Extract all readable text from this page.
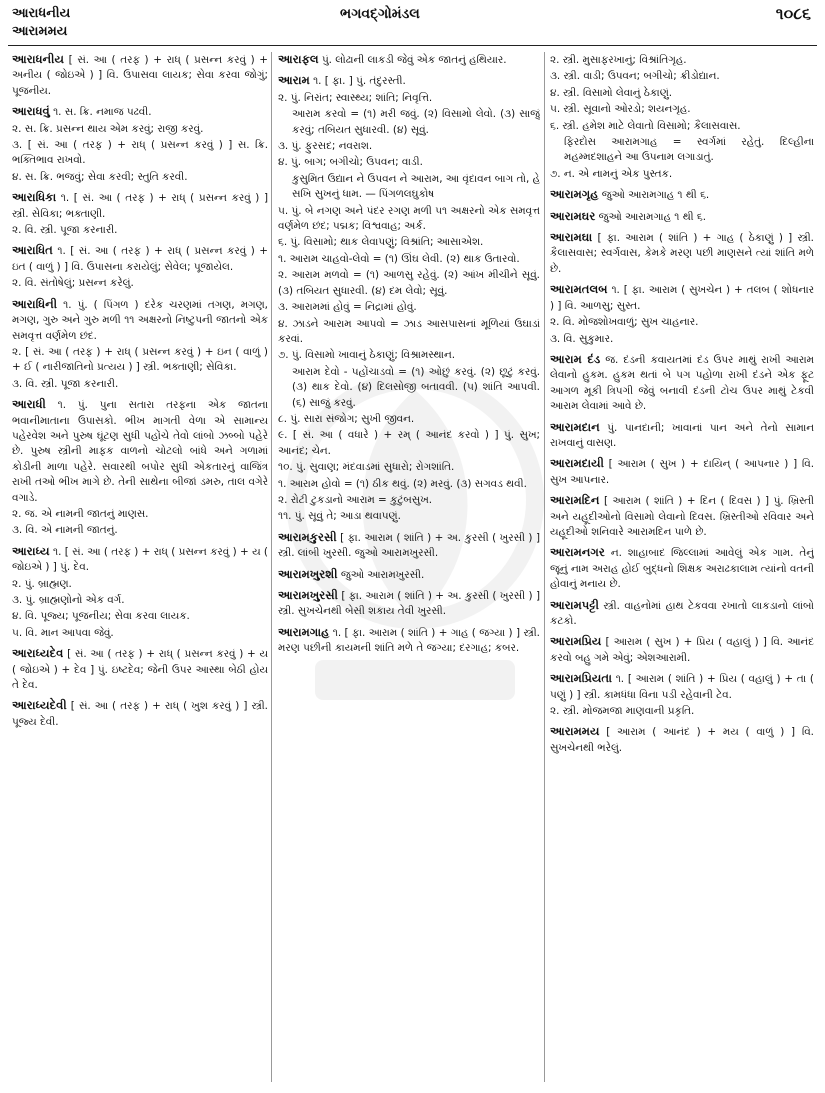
આરાધનીય
આરામમય
ભગવદ્ગોમંડલ	૧૦૮૬
આરાધનીય [ સં. આ ( તરફ ) + રાધ્ ( પ્રસન્ન કરવું ) + અનીય ( જોઇએ ) ] વિ. ઉપાસવા લાયક; સેવા કરવા જોગું; પૂજનીય.
આરાધવું ૧. સ. ક્રિ. નમાજ પઢવી.
૨. સ. ક્રિ. પ્રસન્ન થાય એમ કરવું; રાજી કરવું.
૩. [ સં. આ ( તરફ ) + રાધ્ ( પ્રસન્ન કરવું ) ] સ. ક્રિ. ભક્તિભાવ રાખવો.
૪. સ. ક્રિ. ભજવું; સેવા કરવી; સ્તુતિ કરવી.
આરાધિકા ૧. [ સં. આ ( તરફ ) + રાધ્ ( પ્રસન્ન કરવું ) ] સ્ત્રી. સેવિકા; ભક્તાણી.
૨. વિ. સ્ત્રી. પૂજા કરનારી.
આરાધિત ૧. [ સં. આ ( તરફ ) + રાધ્ ( પ્રસન્ન કરવું ) + ઇત ( વાળું ) ] વિ. ઉપાસના કરાયેલું; સેવેલ; પૂજાયેલ.
૨. વિ. સંતોષેલું; પ્રસન્ન કરેલું.
આરાધિની ૧. પું. ( પિંગળ ) દરેક ચરણમાં તગણ, મગણ, મગણ, ગુરુ અને ગુરુ મળી ૧૧ અક્ષરનો નિષ્ટુપની જાતનો એક સમવૃત્ત વર્ણમેળ છંદ.
૨. [ સં. આ ( તરફ ) + રાધ્ ( પ્રસન્ન કરવું ) + ઇન ( વાળું ) + ઈ ( નારીજાતિનો પ્રત્યય ) ] સ્ત્રી. ભક્તાણી; સેવિકા.
૩. વિ. સ્ત્રી. પૂજા કરનારી.
આરાધી ૧. પું. પુના સતારા તરફના એક જાતના ભવાનીમાતાના ઉપાસકો. ભીખ માગતી વેળા એ સામાન્ય પહેરવેશ અને પુરુષ ઘૂંટણ સુધી પહોંચે તેવો લાંબો ઝબ્બો પહેરે છે. પુરુષ સ્ત્રીની માફક વાળનો ચોટલો બાંધે અને ગળામાં કોડીની માળા પહેરે. સવારથી બપોર સુધી એકતારનું વાજિંત્ર રાખી તઓ ભીખ માગે છે. તેની સાથેના બીજાં ડમરુ, તાલ વગેરે વગાડે.
૨. જ. એ નામની જાતનું માણસ.
૩. વિ. એ નામની જાતનું.
આરાધ્ય ૧. [ સં. આ ( તરફ ) + રાધ્ ( પ્રસન્ન કરવું ) + ય ( જોઇએ ) ] પું. દેવ.
૨. પું. બ્રાહ્મણ.
૩. પું. બ્રાહ્મણોનો એક વર્ગ.
૪. વિ. પૂજ્ય; પૂજનીય; સેવા કરવા લાયક.
૫. વિ. માન આપવા જેવું.
આરાધ્યદેવ [ સં. આ ( તરફ ) + રાધ્ ( પ્રસન્ન કરવું ) + ય ( જોઇએ ) + દેવ ] પું. ઇષ્ટદેવ; જેની ઉપર આસ્થા બેઠી હોય તે દેવ.
આરાધ્યદેવી [ સં. આ ( તરફ ) + રાધ્ ( ખુશ કરવું ) ] સ્ત્રી. પૂજ્ય દેવી.
આરાફલ પું. લોઢાની લાકડી જેવું એક જાતનું હથિયાર.
આરામ ૧. [ ફા. ] પું. તંદુરસ્તી.
૨. પું. નિરાંત; સ્વાસ્થ્ય; શાંતિ; નિવૃત્તિ.
આરામ કરવો = (૧) મરી જવું. (૨) વિસામો લેવો. (૩) સાજું કરવું; તબિયત સુધારવી. (૪) સૂવું.
૩. પું. ફુરસદ; નવરાશ.
૪. પું. બાગ; બગીચો; ઉપવન; વાડી.
કુસુમિત ઉદ્યાન ને ઉપવન ને આરામ, આ વૃંદાવન બાગ તો, હે સખિ સુખનું ધામ. — પિંગળલઘુકોષ
૫. પું. બે નગણ અને પંદર રગણ મળી ૫૧ અક્ષરનો એક સમવૃત્ત વર્ણમેળ છંદ; પદ્મક; વિશ્વવાહ; અર્ક.
૬. પું. વિસામો; થાક લેવાપણું; વિશ્રાંતિ; આસાએશ.
૧. આરામ ચાહવો-લેવો = (૧) ઊંઘ લેવી. (૨) થાક ઉતારવો.
૨. આરામ મળવો = (૧) આળસુ રહેવું. (૨) આંખ મીચીને સૂવું. (૩) તબિયત સુધારવી. (૪) દમ લેવો; સૂવું.
૩. આરામમાં હોવું = નિદ્રામાં હોવું.
૪. ઝાડને આરામ આપવો = ઝાડ આસપાસનાં મૂળિયાં ઉઘાડાં કરવાં.
૭. પું. વિસામો ખાવાનું ઠેકાણું; વિશ્રામસ્થાન.
આરામ દેવો - પહોંચાડવો = (૧) ઓછું કરવું. (૨) છૂટું કરવું. (૩) થાક દેવો. (૪) દિલસોજી બતાવવી. (૫) શાંતિ આપવી. (૬) સાજું કરવું.
૮. પું. સારા સંજોગ; સુખી જીવન.
૯. [ સં. આ ( વધારે ) + રમ્ ( આનંદ કરવો ) ] પું. સુખ; આનંદ; ચેન.
૧૦. પું. સુવાણ; મંદવાડમાં સુધારો; રોગશાંતિ.
૧. આરામ હોવો = (૧) ઠીક થવું. (૨) મરવું. (૩) સગવડ થવી.
૨. રોટી ટુકડાનો આરામ = કુટુંબસુખ.
૧૧. પું. સૂવું તે; આડા થવાપણું.
આરામકુરસી [ ફા. આરામ ( શાંતિ ) + અ. કુરસી ( ખુરસી ) ] સ્ત્રી. લાંબી ખુરસી. જુઓ આરામખુરસી.
આરામખુરશી જુઓ આરામખુરસી.
આરામખુરસી [ ફા. આરામ ( શાંતિ ) + અ. કુરસી ( ખુરસી ) ] સ્ત્રી. સુખચેનથી બેસી શકાય તેવી ખુરસી.
આરામગાહ ૧. [ ફા. આરામ ( શાંતિ ) + ગાહ ( જગ્યા ) ] સ્ત્રી. મરણ પછીની કાયમની શાંતિ મળે તે જગ્યા; દરગાહ; કબર.
૨. સ્ત્રી. મુસાફરખાનું; વિશ્રાંતિગૃહ.
૩. સ્ત્રી. વાડી; ઉપવન; બગીચો; ક્રીડોદ્યાન.
૪. સ્ત્રી. વિસામો લેવાનું ઠેકાણું.
૫. સ્ત્રી. સૂવાનો ઓરડો; શયનગૃહ.
૬. સ્ત્રી. હમેશ માટે લેવાતો વિસામો; કૈલાસવાસ.
ફિરદોસ આરામગાહ = સ્વર્ગમાં રહેતું. દિલ્હીના મહમ્મદશાહને આ ઉપનામ લગાડાતું.
૭. ન. એ નામનું એક પુસ્તક.
આરામગૃહ જુઓ આરામગાહ ૧ થી ૬.
આરામઘર જુઓ આરામગાહ ૧ થી ૬.
આરામઘા [ ફા. આરામ ( શાંતિ ) + ગાહ ( ઠેકાણું ) ] સ્ત્રી. કૈલાસવાસ; સ્વર્ગવાસ, કેમકે મરણ પછી માણસને ત્યાં શાંતિ મળે છે.
આરામતલબ ૧. [ ફા. આરામ ( સુખચેન ) + તલબ ( શોધનાર ) ] વિ. આળસુ; સુસ્ત.
૨. વિ. મોજશોખવાળું; સુખ ચાહનાર.
૩. વિ. સુકુમાર.
આરામ દંડ જ. દંડની કવાયતમાં દંડ ઉપર માથું રાખી આરામ લેવાનો હુકમ. હુકમ થતાં બે પગ પહોળા રાખી દંડને એક ફૂટ આગળ મૂકી ત્રિપગી જેવું બનાવી દંડની ટોચ ઉપર માથું ટેકવી આરામ લેવામાં આવે છે.
આરામદાન પું. પાનદાની; ખાવાનાં પાન અને તેનો સામાન રાખવાનું વાસણ.
આરામદાયી [ આરામ ( સુખ ) + દાયિન્ ( આપનાર ) ] વિ. સુખ આપનાર.
આરામદિન [ આરામ ( શાંતિ ) + દિન ( દિવસ ) ] પું. ખ્રિસ્તી અને યહૂદીઓનો વિસામો લેવાનો દિવસ. ખ્રિસ્તીઓ રવિવાર અને યહૂદીઓ શનિવારે આરામદિન પાળે છે.
આરામનગર ન. શાહાબાદ જિલ્લામાં આવેલું એક ગામ. તેનું જૂનું નામ અરાહ હોઈ બુદ્ધનો શિક્ષક અરાઢકાલામ ત્યાંનો વતની હોવાનું મનાય છે.
આરામપટ્ટી સ્ત્રી. વાહનોમાં હાથ ટેકવવા રખાતો લાકડાનો લાંબો કટકો.
આરામપ્રિય [ આરામ ( સુખ ) + પ્રિય ( વહાલું ) ] વિ. આનંદ કરવો બહુ ગમે એવું; એશઆરામી.
આરામપ્રિયતા ૧. [ આરામ ( શાંતિ ) + પ્રિય ( વહાલું ) + તા ( પણું ) ] સ્ત્રી. કામધંધા વિના પડી રહેવાની ટેવ.
૨. સ્ત્રી. મોજમજા માણવાની પ્રકૃતિ.
આરામમય [ આરામ ( આનંદ ) + મય ( વાળું ) ] વિ. સુખચેનથી ભરેલું.
